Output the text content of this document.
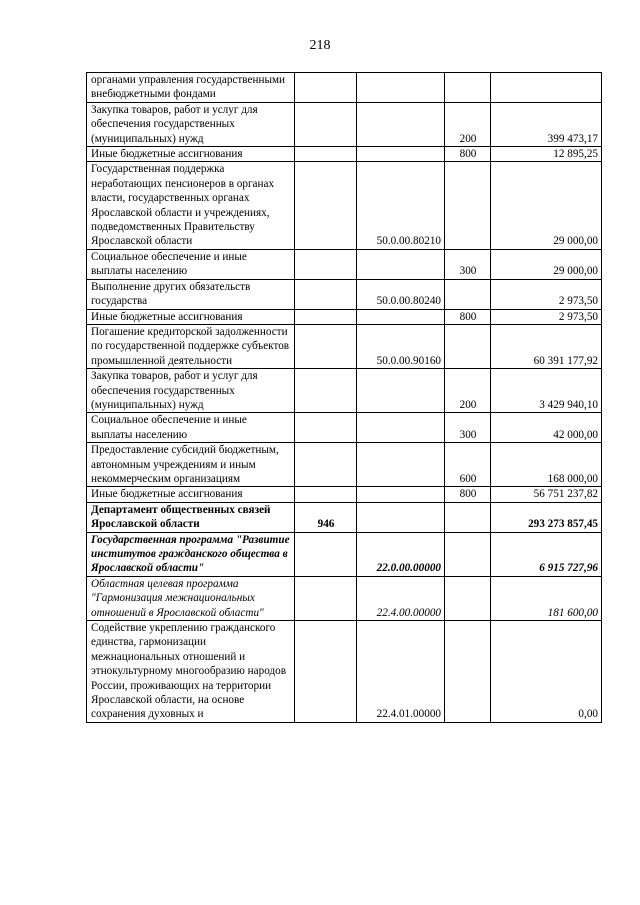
218
органами управления государственными внебюджетными фондами				
Закупка товаров, работ и услуг для обеспечения государственных (муниципальных) нужд			200	399 473,17
Иные бюджетные ассигнования			800	12 895,25
Государственная поддержка неработающих пенсионеров в органах власти, государственных органах Ярославской области и учреждениях, подведомственных Правительству Ярославской области		50.0.00.80210		29 000,00
Социальное обеспечение и иные выплаты населению			300	29 000,00
Выполнение других обязательств государства		50.0.00.80240		2 973,50
Иные бюджетные ассигнования			800	2 973,50
Погашение кредиторской задолженности по государственной поддержке субъектов промышленной деятельности		50.0.00.90160		60 391 177,92
Закупка товаров, работ и услуг для обеспечения государственных (муниципальных) нужд			200	3 429 940,10
Социальное обеспечение и иные выплаты населению			300	42 000,00
Предоставление субсидий бюджетным, автономным учреждениям и иным некоммерческим организациям			600	168 000,00
Иные бюджетные ассигнования			800	56 751 237,82
Департамент общественных связей Ярославской области	946			293 273 857,45
Государственная программа "Развитие институтов гражданского общества в Ярославской области"		22.0.00.00000		6 915 727,96
Областная целевая программа "Гармонизация межнациональных отношений в Ярославской области"		22.4.00.00000		181 600,00
Содействие укреплению гражданского единства, гармонизации межнациональных отношений и этнокультурному многообразию народов России, проживающих на территории Ярославской области, на основе сохранения духовных и		22.4.01.00000		0,00
